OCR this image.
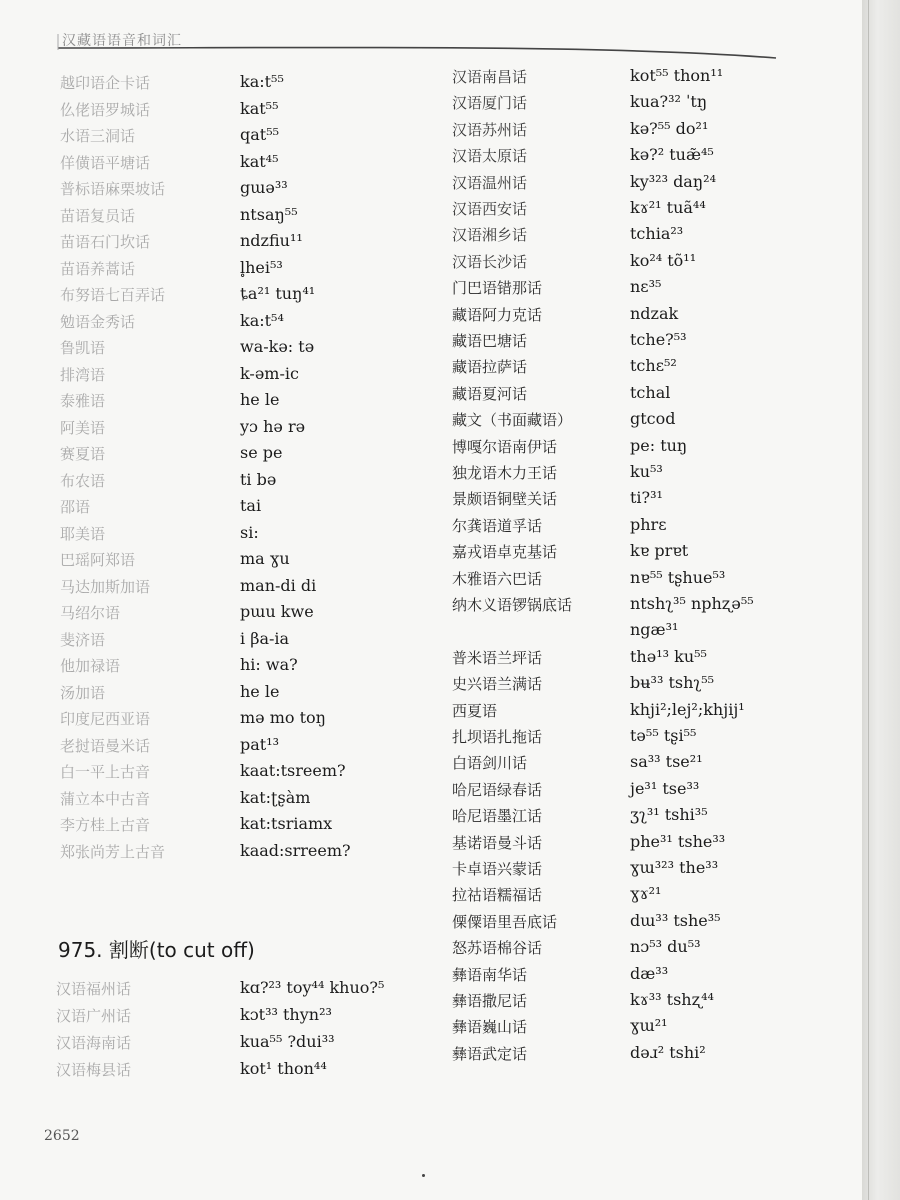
汉藏语语音和词汇
越印语企卡话	ka:t⁵⁵
仫佬语罗城话	kat⁵⁵
水语三洞话	qat⁵⁵
佯僙语平塘话	kat⁴⁵
普标语麻栗坡话	gɯə³³
苗语复员话	ntsaŋ⁵⁵
苗语石门坎话	ndzfiu¹¹
苗语养蒿话	l̥hei⁵³
布努语七百弄话	ȶa²¹ tuŋ⁴¹
勉语金秀话	ka:t⁵⁴
鲁凯语	wa-kə: tə
排湾语	k-əm-ic
泰雅语	he le
阿美语	yɔ hə rə
赛夏语	se pe
布农语	ti bə
邵语	tai
耶美语	si:
巴瑶阿郑语	ma ɣu
马达加斯加语	man-di di
马绍尔语	pɯu kwe
斐济语	i βa-ia
他加禄语	hi: wa?
汤加语	he le
印度尼西亚语	mə mo toŋ
老挝语曼米话	pat¹³
白一平上古音	kaat:tsreem?
蒲立本中古音	kat:ʈʂàm
李方桂上古音	kat:tsriamx
郑张尚芳上古音	kaad:srreem?
975. 割断(to cut off)
汉语福州话	kɑ?²³ toy⁴⁴ khuo?⁵
汉语广州话	kɔt³³ thyn²³
汉语海南话	kua⁵⁵ ?dui³³
汉语梅县话	kot¹ thon⁴⁴
汉语南昌话	kot⁵⁵ thon¹¹
汉语厦门话	kua?³² ˈtŋ
汉语苏州话	kə?⁵⁵ do²¹
汉语太原话	kə?² tuæ̃⁴⁵
汉语温州话	ky³²³ daŋ²⁴
汉语西安话	kɤ²¹ tuã⁴⁴
汉语湘乡话	tchia²³
汉语长沙话	ko²⁴ tõ¹¹
门巴语错那话	nɛ³⁵
藏语阿力克话	ndzak
藏语巴塘话	tche?⁵³
藏语拉萨话	tchɛ⁵²
藏语夏河话	tchal
藏文（书面藏语）	gtcod
博嘎尔语南伊话	pe: tuŋ
独龙语木力王话	ku⁵³
景颇语铜壁关话	ti?³¹
尔龚语道孚话	phrɛ
嘉戎语卓克基话	kɐ prɐt
木雅语六巴话	nɐ⁵⁵ tʂhue⁵³
纳木义语锣锅底话	ntshʅ³⁵ nphʐə⁵⁵
ngæ³¹
普米语兰坪话	thə¹³ ku⁵⁵
史兴语兰满话	bʉ³³ tshʅ⁵⁵
西夏语	khji²;lej²;khjij¹
扎坝语扎拖话	tə⁵⁵ tʂi⁵⁵
白语剑川话	sa³³ tse²¹
哈尼语绿春话	je³¹ tse³³
哈尼语墨江话	ʒʅ³¹ tshi³⁵
基诺语曼斗话	phe³¹ tshe³³
卡卓语兴蒙话	ɣɯ³²³ the³³
拉祜语糯福话	ɣɤ²¹
傈僳语里吾底话	dɯ³³ tshe³⁵
怒苏语棉谷话	nɔ⁵³ du⁵³
彝语南华话	dæ³³
彝语撒尼话	kɤ³³ tshʐ⁴⁴
彝语巍山话	ɣɯ²¹
彝语武定话	dəɹ² tshi²
2652
